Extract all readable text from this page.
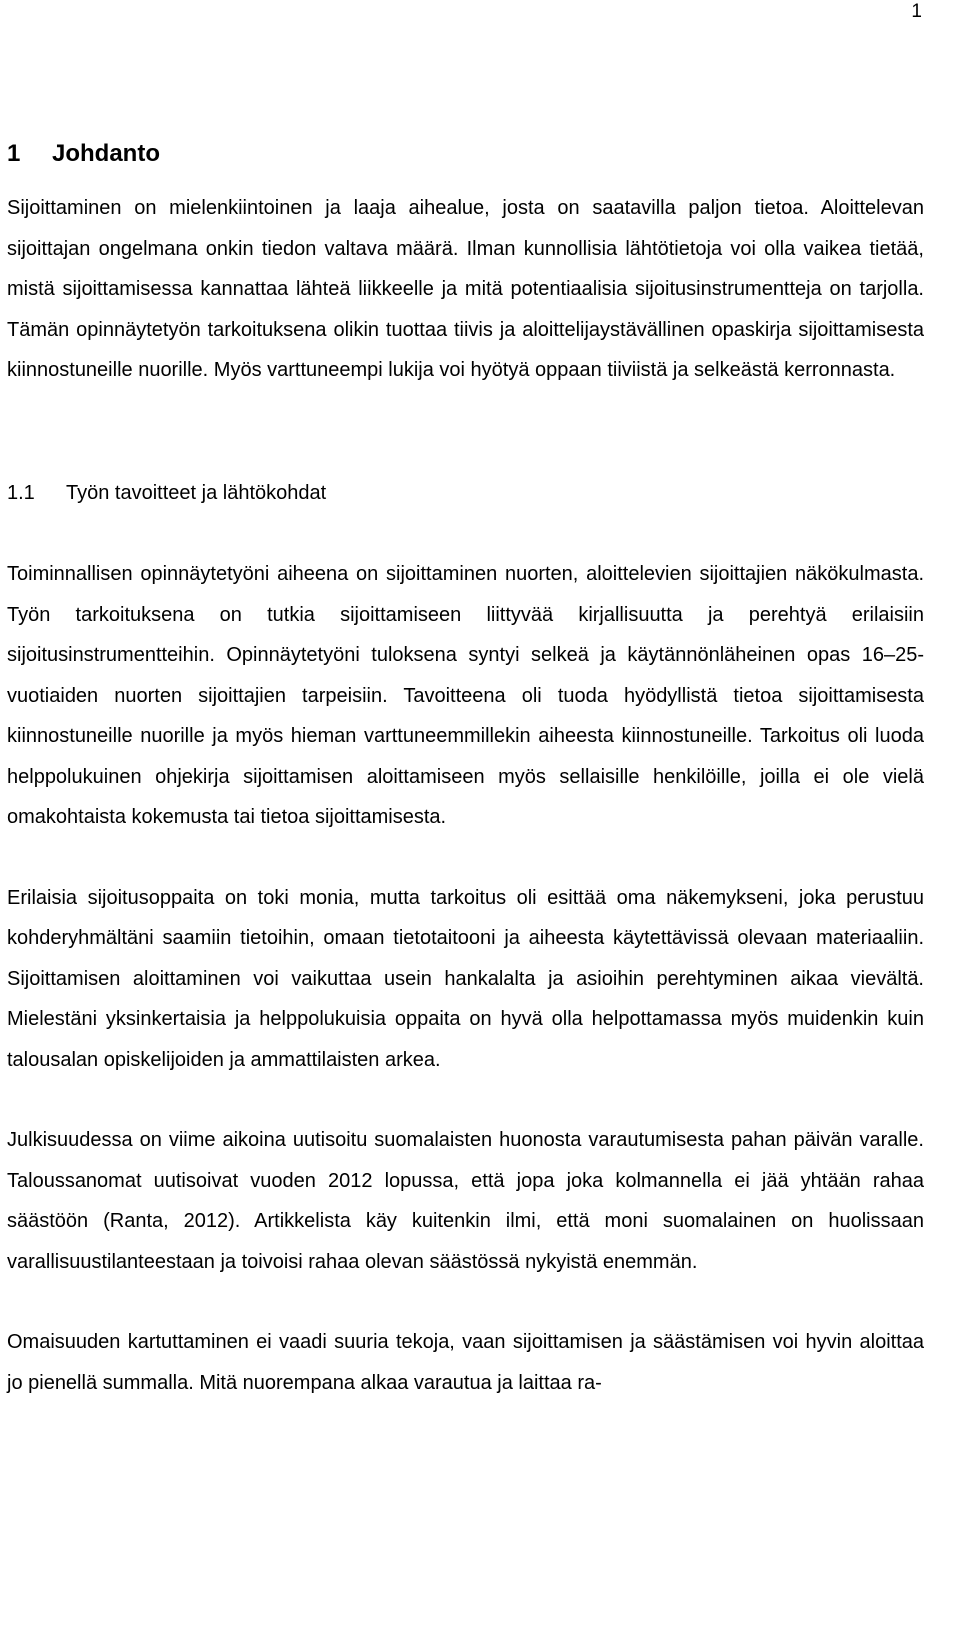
1
1 Johdanto

Sijoittaminen on mielenkiintoinen ja laaja aihealue, josta on saatavilla paljon tietoa. Aloittelevan sijoittajan ongelmana onkin tiedon valtava määrä. Ilman kunnollisia lähtötietoja voi olla vaikea tietää, mistä sijoittamisessa kannattaa lähteä liikkeelle ja mitä potentiaalisia sijoitusinstrumentteja on tarjolla. Tämän opinnäytetyön tarkoituksena olikin tuottaa tiivis ja aloittelijaystävällinen opaskirja sijoittamisesta kiinnostuneille nuorille. Myös varttuneempi lukija voi hyötyä oppaan tiiviistä ja selkeästä kerronnasta.

1.1 Työn tavoitteet ja lähtökohdat

Toiminnallisen opinnäytetyöni aiheena on sijoittaminen nuorten, aloittelevien sijoittajien näkökulmasta. Työn tarkoituksena on tutkia sijoittamiseen liittyvää kirjallisuutta ja perehtyä erilaisiin sijoitusinstrumentteihin. Opinnäytetyöni tuloksena syntyi selkeä ja käytännönläheinen opas 16–25-vuotiaiden nuorten sijoittajien tarpeisiin. Tavoitteena oli tuoda hyödyllistä tietoa sijoittamisesta kiinnostuneille nuorille ja myös hieman varttuneemmillekin aiheesta kiinnostuneille. Tarkoitus oli luoda helppolukuinen ohjekirja sijoittamisen aloittamiseen myös sellaisille henkilöille, joilla ei ole vielä omakohtaista kokemusta tai tietoa sijoittamisesta.

Erilaisia sijoitusoppaita on toki monia, mutta tarkoitus oli esittää oma näkemykseni, joka perustuu kohderyhmältäni saamiin tietoihin, omaan tietotaitooni ja aiheesta käytettävissä olevaan materiaaliin. Sijoittamisen aloittaminen voi vaikuttaa usein hankalalta ja asioihin perehtyminen aikaa vievältä. Mielestäni yksinkertaisia ja helppolukuisia oppaita on hyvä olla helpottamassa myös muidenkin kuin talousalan opiskelijoiden ja ammattilaisten arkea.

Julkisuudessa on viime aikoina uutisoitu suomalaisten huonosta varautumisesta pahan päivän varalle. Taloussanomat uutisoivat vuoden 2012 lopussa, että jopa joka kolmannella ei jää yhtään rahaa säästöön (Ranta, 2012). Artikkelista käy kuitenkin ilmi, että moni suomalainen on huolissaan varallisuustilanteestaan ja toivoisi rahaa olevan säästössä nykyistä enemmän.

Omaisuuden kartuttaminen ei vaadi suuria tekoja, vaan sijoittamisen ja säästämisen voi hyvin aloittaa jo pienellä summalla. Mitä nuorempana alkaa varautua ja laittaa ra-
